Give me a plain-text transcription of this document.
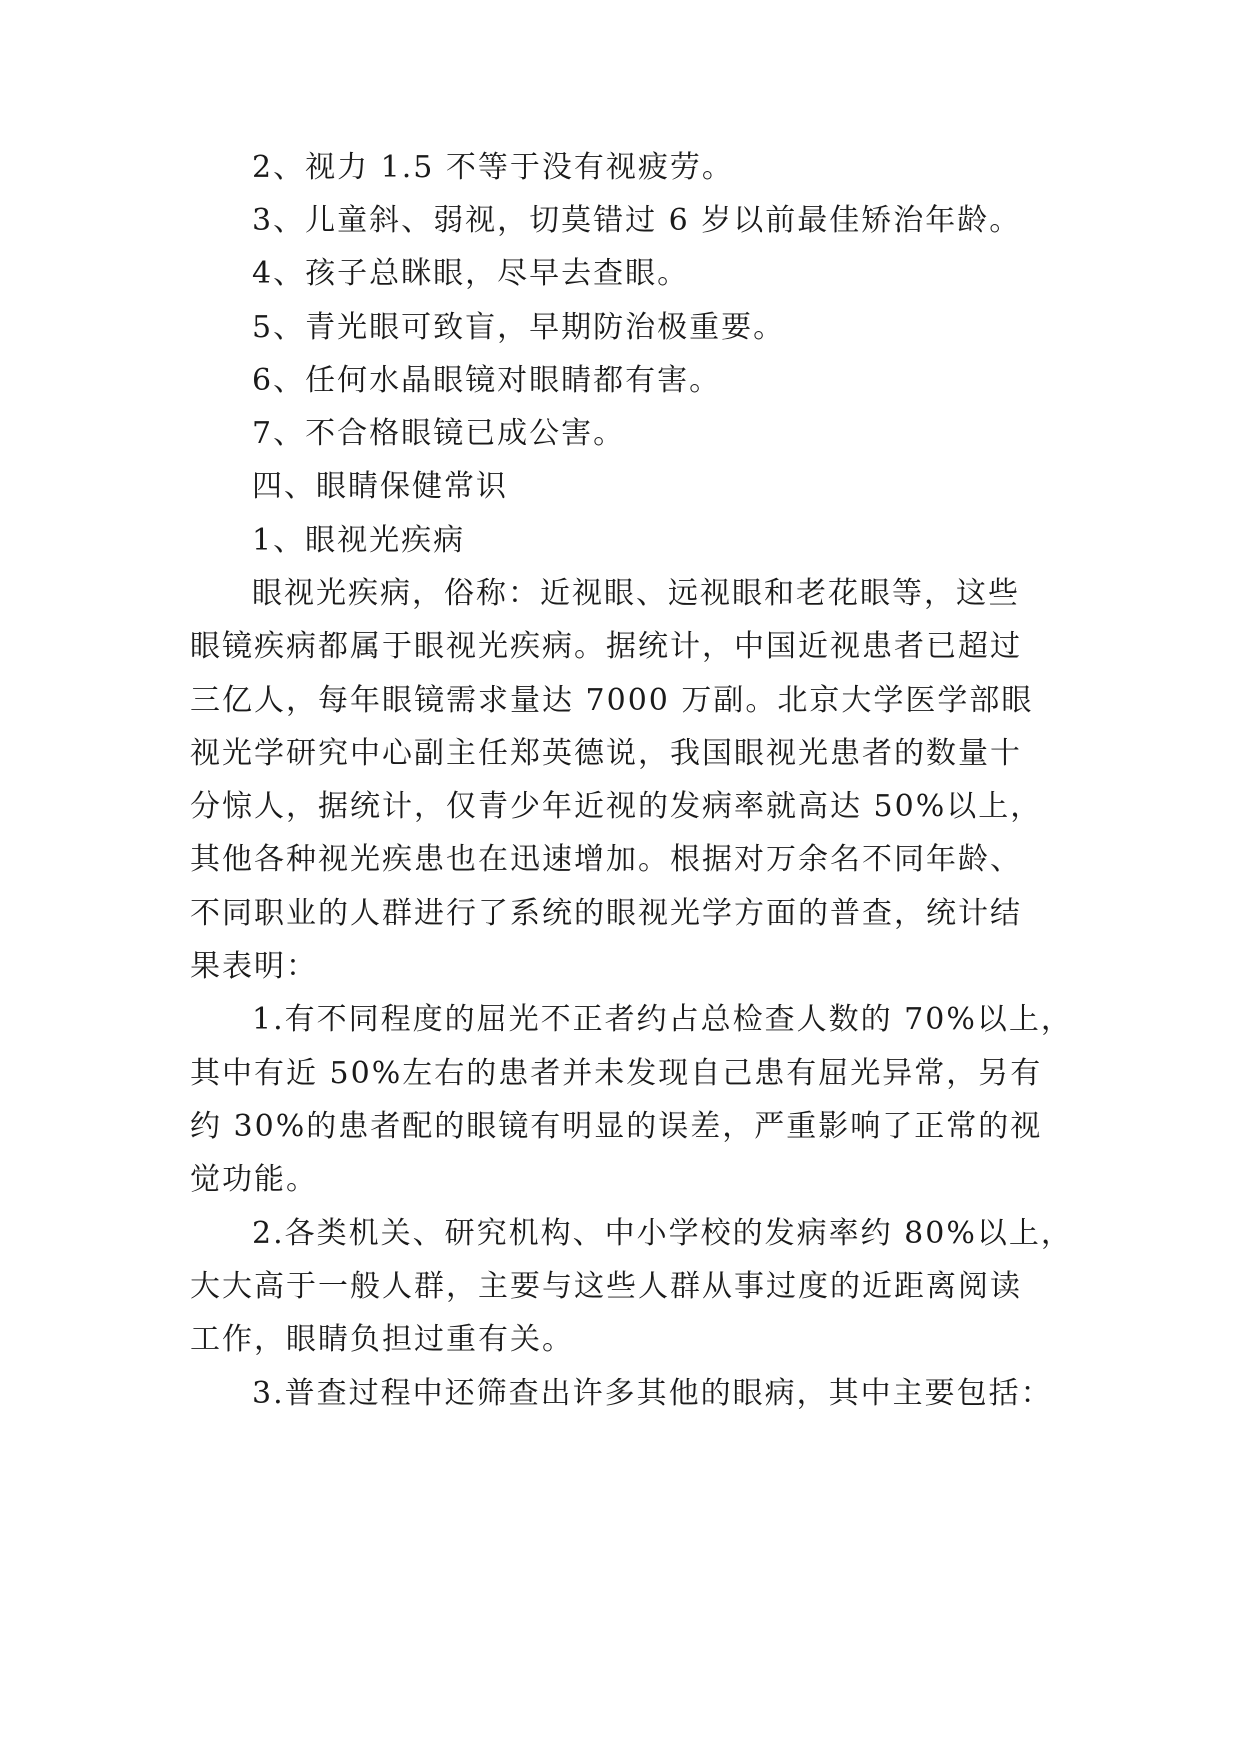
2、视力 1.5 不等于没有视疲劳。
3、儿童斜、弱视，切莫错过 6 岁以前最佳矫治年龄。
4、孩子总眯眼，尽早去查眼。
5、青光眼可致盲，早期防治极重要。
6、任何水晶眼镜对眼睛都有害。
7、不合格眼镜已成公害。
四、眼睛保健常识
1、眼视光疾病
眼视光疾病，俗称：近视眼、远视眼和老花眼等，这些
眼镜疾病都属于眼视光疾病。据统计，中国近视患者已超过
三亿人，每年眼镜需求量达 7000 万副。北京大学医学部眼
视光学研究中心副主任郑英德说，我国眼视光患者的数量十
分惊人，据统计，仅青少年近视的发病率就高达 50%以上，
其他各种视光疾患也在迅速增加。根据对万余名不同年龄、
不同职业的人群进行了系统的眼视光学方面的普查，统计结
果表明：
1.有不同程度的屈光不正者约占总检查人数的 70%以上，
其中有近 50%左右的患者并未发现自己患有屈光异常，另有
约 30%的患者配的眼镜有明显的误差，严重影响了正常的视
觉功能。
2.各类机关、研究机构、中小学校的发病率约 80%以上，
大大高于一般人群，主要与这些人群从事过度的近距离阅读
工作，眼睛负担过重有关。
3.普查过程中还筛查出许多其他的眼病，其中主要包括：
